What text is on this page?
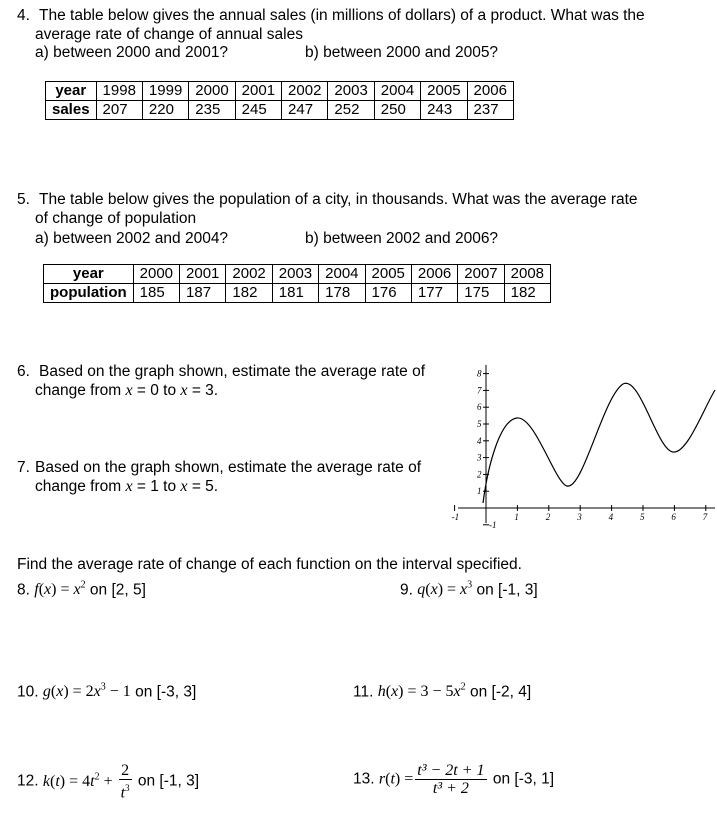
4. The table below gives the annual sales (in millions of dollars) of a product. What was the
average rate of change of annual sales
a) between 2000 and 2001?	b) between 2000 and 2005?
year	1998	1999	2000	2001	2002	2003	2004	2005	2006
sales	207	220	235	245	247	252	250	243	237
5. The table below gives the population of a city, in thousands. What was the average rate
of change of population
a) between 2002 and 2004?	b) between 2002 and 2006?
year	2000	2001	2002	2003	2004	2005	2006	2007	2008
population	185	187	182	181	178	176	177	175	182
6. Based on the graph shown, estimate the average rate of
change from x = 0 to x = 3.
7. Based on the graph shown, estimate the average rate of
change from x = 1 to x = 5.
-1	1	2	3	4	5	6	7
-1
1
2
3
4
5
6
7
8
Find the average rate of change of each function on the interval specified.
8. $f(x) = x^2$ on [2, 5]	9. $q(x) = x^3$ on [-1, 3]
10. $g(x) = 2x^3 - 1$ on [-3, 3]	11. $h(x) = 3 - 5x^2$ on [-2, 4]
12. $k(t) = 4t^2 + \frac{2}{t^3}$ on [-1, 3]	13. $r(t) = \frac{\text{t³ − 2t + 1}}{\text{t³ + 2}}$ on [-3, 1]
